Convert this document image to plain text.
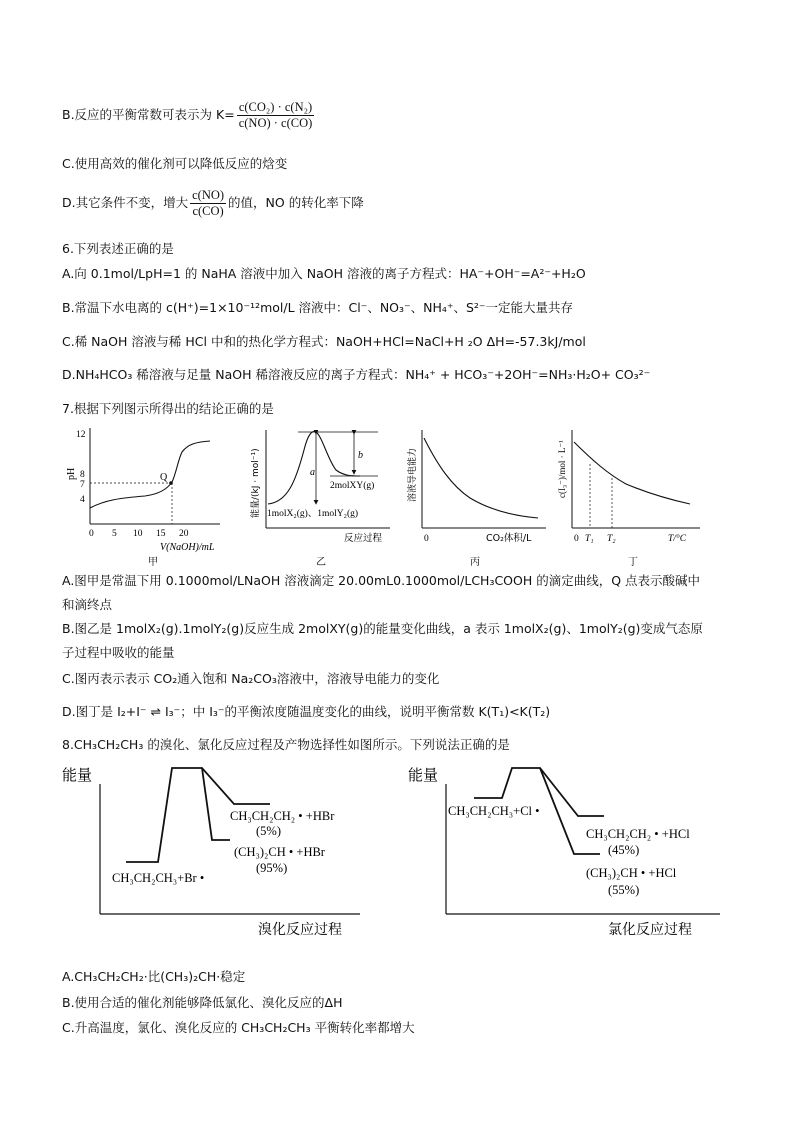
B.反应的平衡常数可表示为 $K= \frac{\text{c(CO₂) · c(N₂)}}{c(NO) \cdot c(CO)}$
C.使用高效的催化剂可以降低反应的焓变
D.其它条件不变，增大 $\frac{c(NO)}{c(CO)}$ 的值，NO 的转化率下降
6.下列表述正确的是
A.向 0.1mol/LpH=1 的 NaHA 溶液中加入 NaOH 溶液的离子方程式：HA⁻+OH⁻=A²⁻+H₂O
B.常温下水电离的 c(H⁺)=1×10⁻¹²mol/L 溶液中：Cl⁻、NO₃⁻、NH₄⁺、S²⁻一定能大量共存
C.稀 NaOH 溶液与稀 HCl 中和的热化学方程式：NaOH+HCl=NaCl+H ₂O ΔH=-57.3kJ/mol
D.NH₄HCO₃ 稀溶液与足量 NaOH 稀溶液反应的离子方程式：NH₄⁺ + HCO₃⁻+2OH⁻=NH₃·H₂O+ CO₃²⁻
7.根据下列图示所得出的结论正确的是
pH
12
8
7
4
0 5 10 15 20
Q
V(NaOH)/mL
甲
能量/(kJ · mol⁻¹)	a
b
2molXY(g)
1molX₂(g)、1molY₂(g)
反应过程
乙
溶液导电能力
0	CO₂体积/L
丙
c(I₃⁻)/mol · L⁻¹
0 T₁ T₂	T/°C
丁
A.图甲是常温下用 0.1000mol/LNaOH 溶液滴定 20.00mL0.1000mol/LCH₃COOH 的滴定曲线，Q 点表示酸碱中
和滴终点
B.图乙是 1molX₂(g).1molY₂(g)反应生成 2molXY(g)的能量变化曲线，a 表示 1molX₂(g)、1molY₂(g)变成气态原
子过程中吸收的能量
C.图丙表示表示 CO₂通入饱和 Na₂CO₃溶液中，溶液导电能力的变化
D.图丁是 I₂+I⁻ ⇌ I₃⁻；中 I₃⁻的平衡浓度随温度变化的曲线，说明平衡常数 K(T₁)<K(T₂)
8.CH₃CH₂CH₃ 的溴化、氯化反应过程及产物选择性如图所示。下列说法正确的是
能量
溴化反应过程
CH₃CH₂CH₂ • +HBr
(5%)
(CH₃)₂CH • +HBr
(95%)
CH₃CH₂CH₃+Br •
能量
氯化反应过程
CH₃CH₂CH₃+Cl •
CH₃CH₂CH₂ • +HCl
(45%)
(CH₃)₂CH • +HCl
(55%)
A.CH₃CH₂CH₂·比(CH₃)₂CH·稳定
B.使用合适的催化剂能够降低氯化、溴化反应的ΔH
C.升高温度，氯化、溴化反应的 CH₃CH₂CH₃ 平衡转化率都增大
